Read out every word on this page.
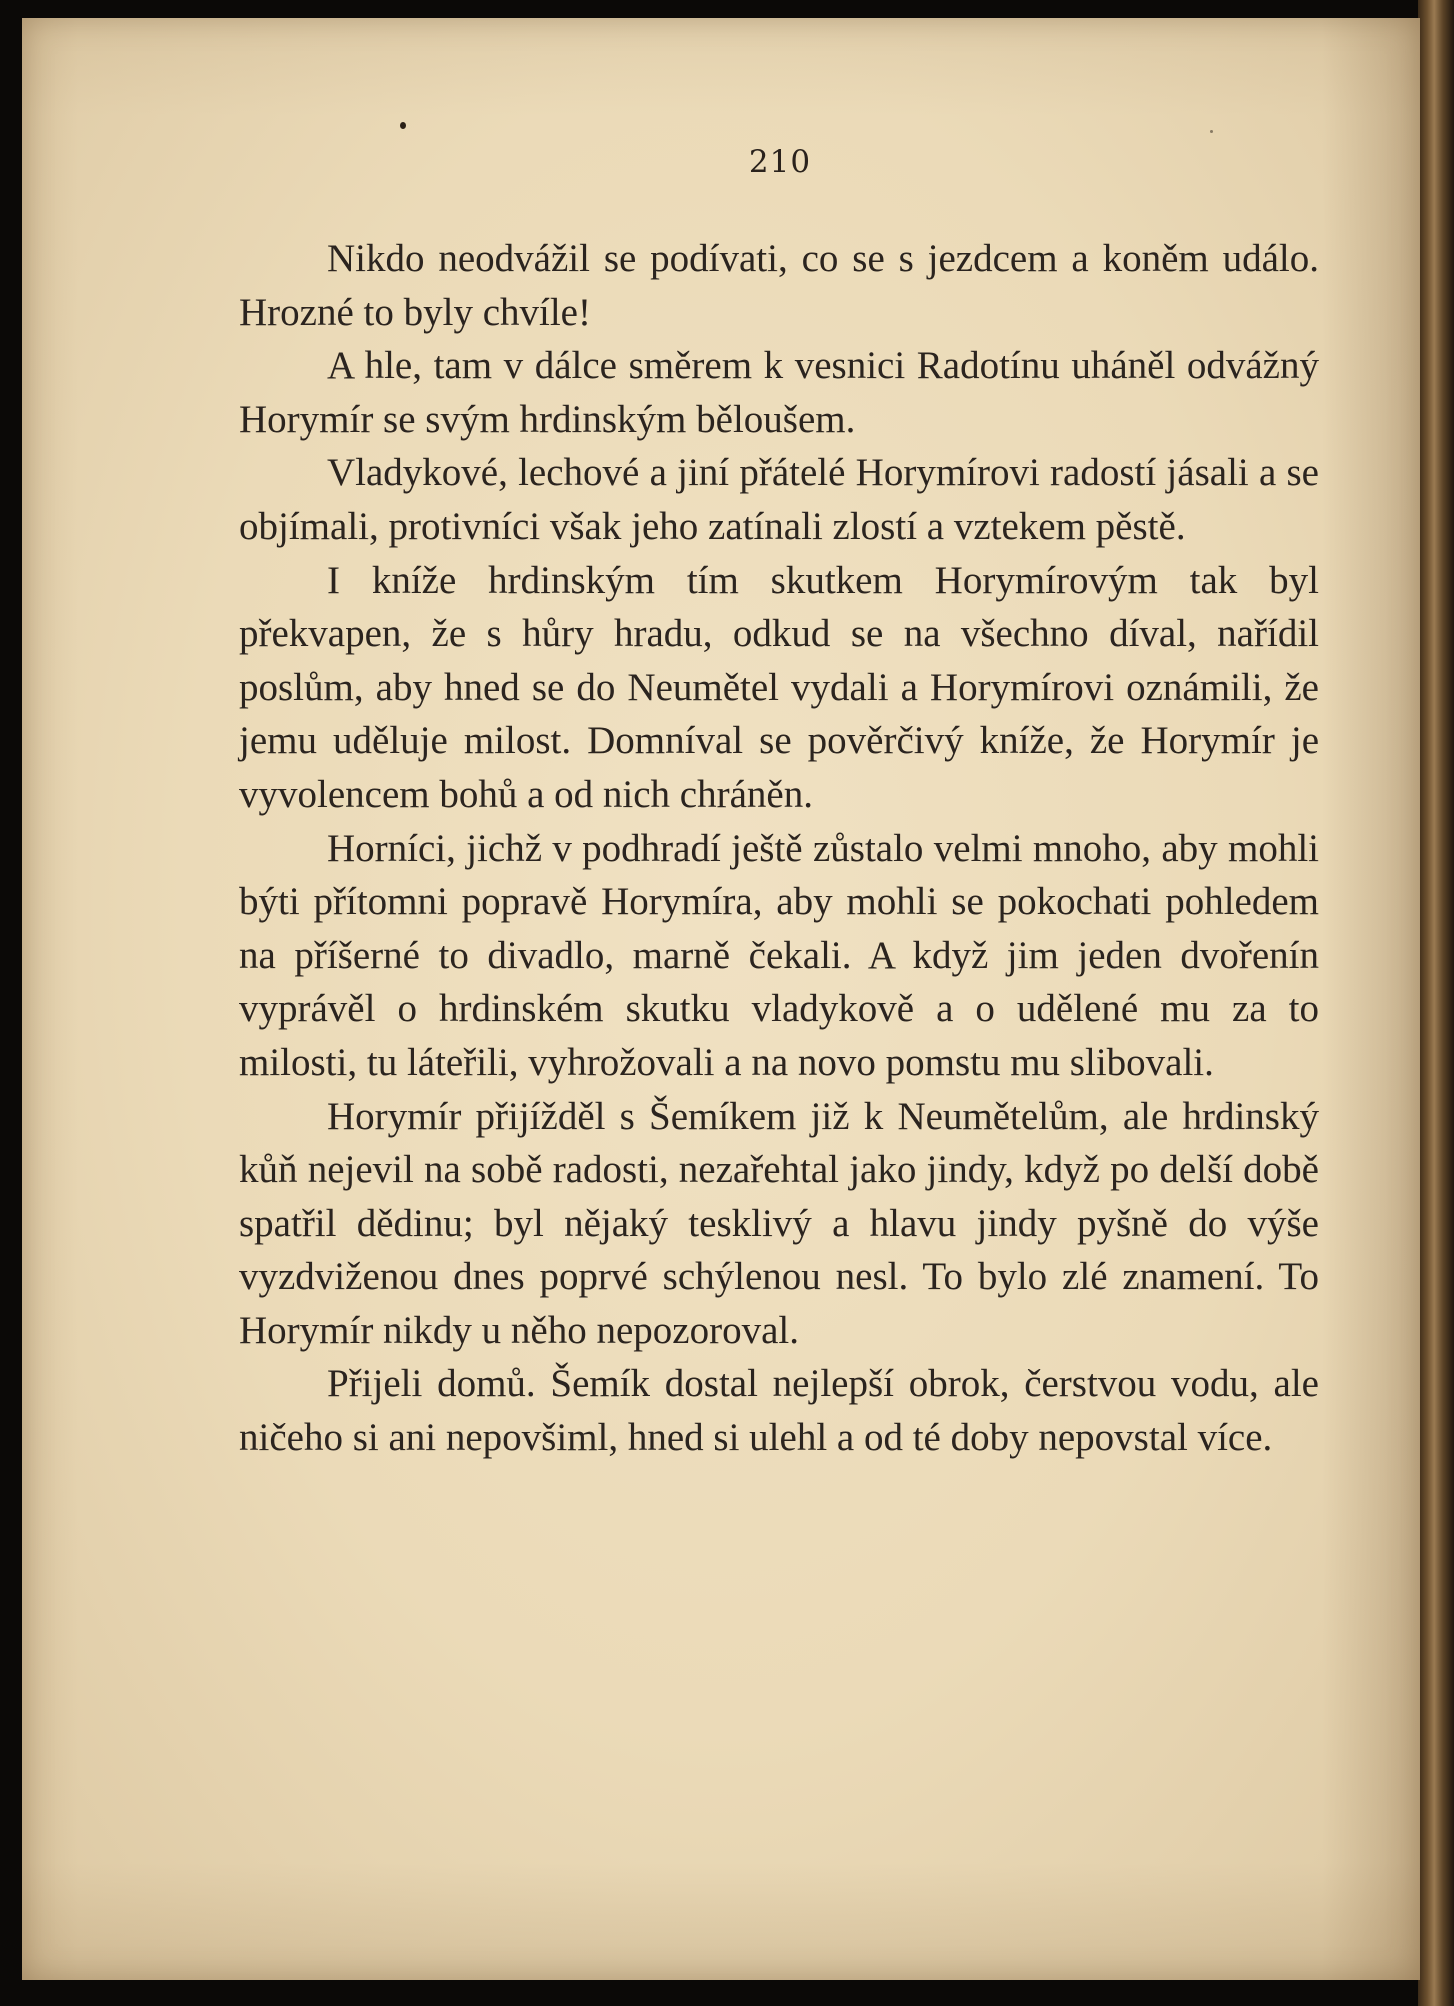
210

Nikdo neodvážil se podívati, co se s jezdcem a koněm událo. Hrozné to byly chvíle!

A hle, tam v dálce směrem k vesnici Radotínu uháněl odvážný Horymír se svým hrdinským běloušem.

Vladykové, lechové a jiní přátelé Horymírovi radostí jásali a se objímali, protivníci však jeho zatínali zlostí a vztekem pěstě.

I kníže hrdinským tím skutkem Horymírovým tak byl překvapen, že s hůry hradu, odkud se na všechno díval, nařídil poslům, aby hned se do Neumětel vydali a Horymírovi oznámili, že jemu uděluje milost. Domníval se pověrčivý kníže, že Horymír je vyvolencem bohů a od nich chráněn.

Horníci, jichž v podhradí ještě zůstalo velmi mnoho, aby mohli býti přítomni popravě Horymíra, aby mohli se pokochati pohledem na příšerné to divadlo, marně čekali. A když jim jeden dvořenín vyprávěl o hrdinském skutku vladykově a o udělené mu za to milosti, tu láteřili, vyhrožovali a na novo pomstu mu slibovali.

Horymír přijížděl s Šemíkem již k Neumětelům, ale hrdinský kůň nejevil na sobě radosti, nezařehtal jako jindy, když po delší době spatřil dědinu; byl nějaký tesklivý a hlavu jindy pyšně do výše vyzdviženou dnes poprvé schýlenou nesl. To bylo zlé znamení. To Horymír nikdy u něho nepozoroval.

Přijeli domů. Šemík dostal nejlepší obrok, čerstvou vodu, ale ničeho si ani nepovšiml, hned si ulehl a od té doby nepovstal více.
